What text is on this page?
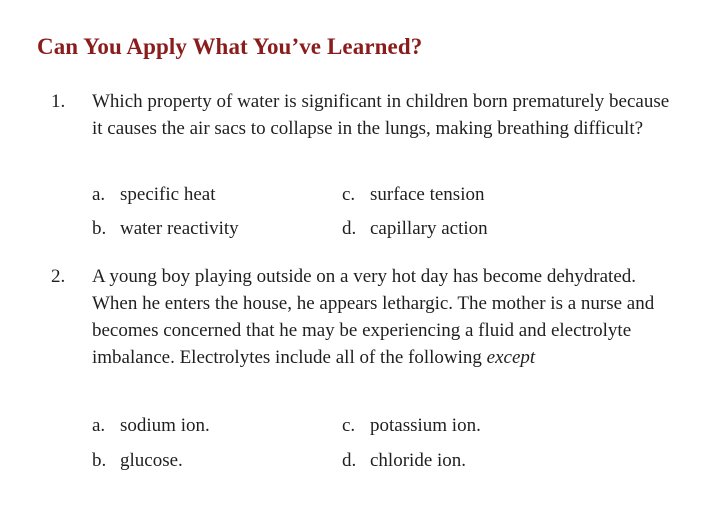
Can You Apply What You’ve Learned?
1. Which property of water is significant in children born prematurely because it causes the air sacs to collapse in the lungs, making breathing difficult?
a. specific heat	c. surface tension
b. water reactivity	d. capillary action
2. A young boy playing outside on a very hot day has become dehydrated. When he enters the house, he appears lethargic. The mother is a nurse and becomes concerned that he may be experiencing a fluid and electrolyte imbalance. Electrolytes include all of the following except
a. sodium ion.	c. potassium ion.
b. glucose.	d. chloride ion.
